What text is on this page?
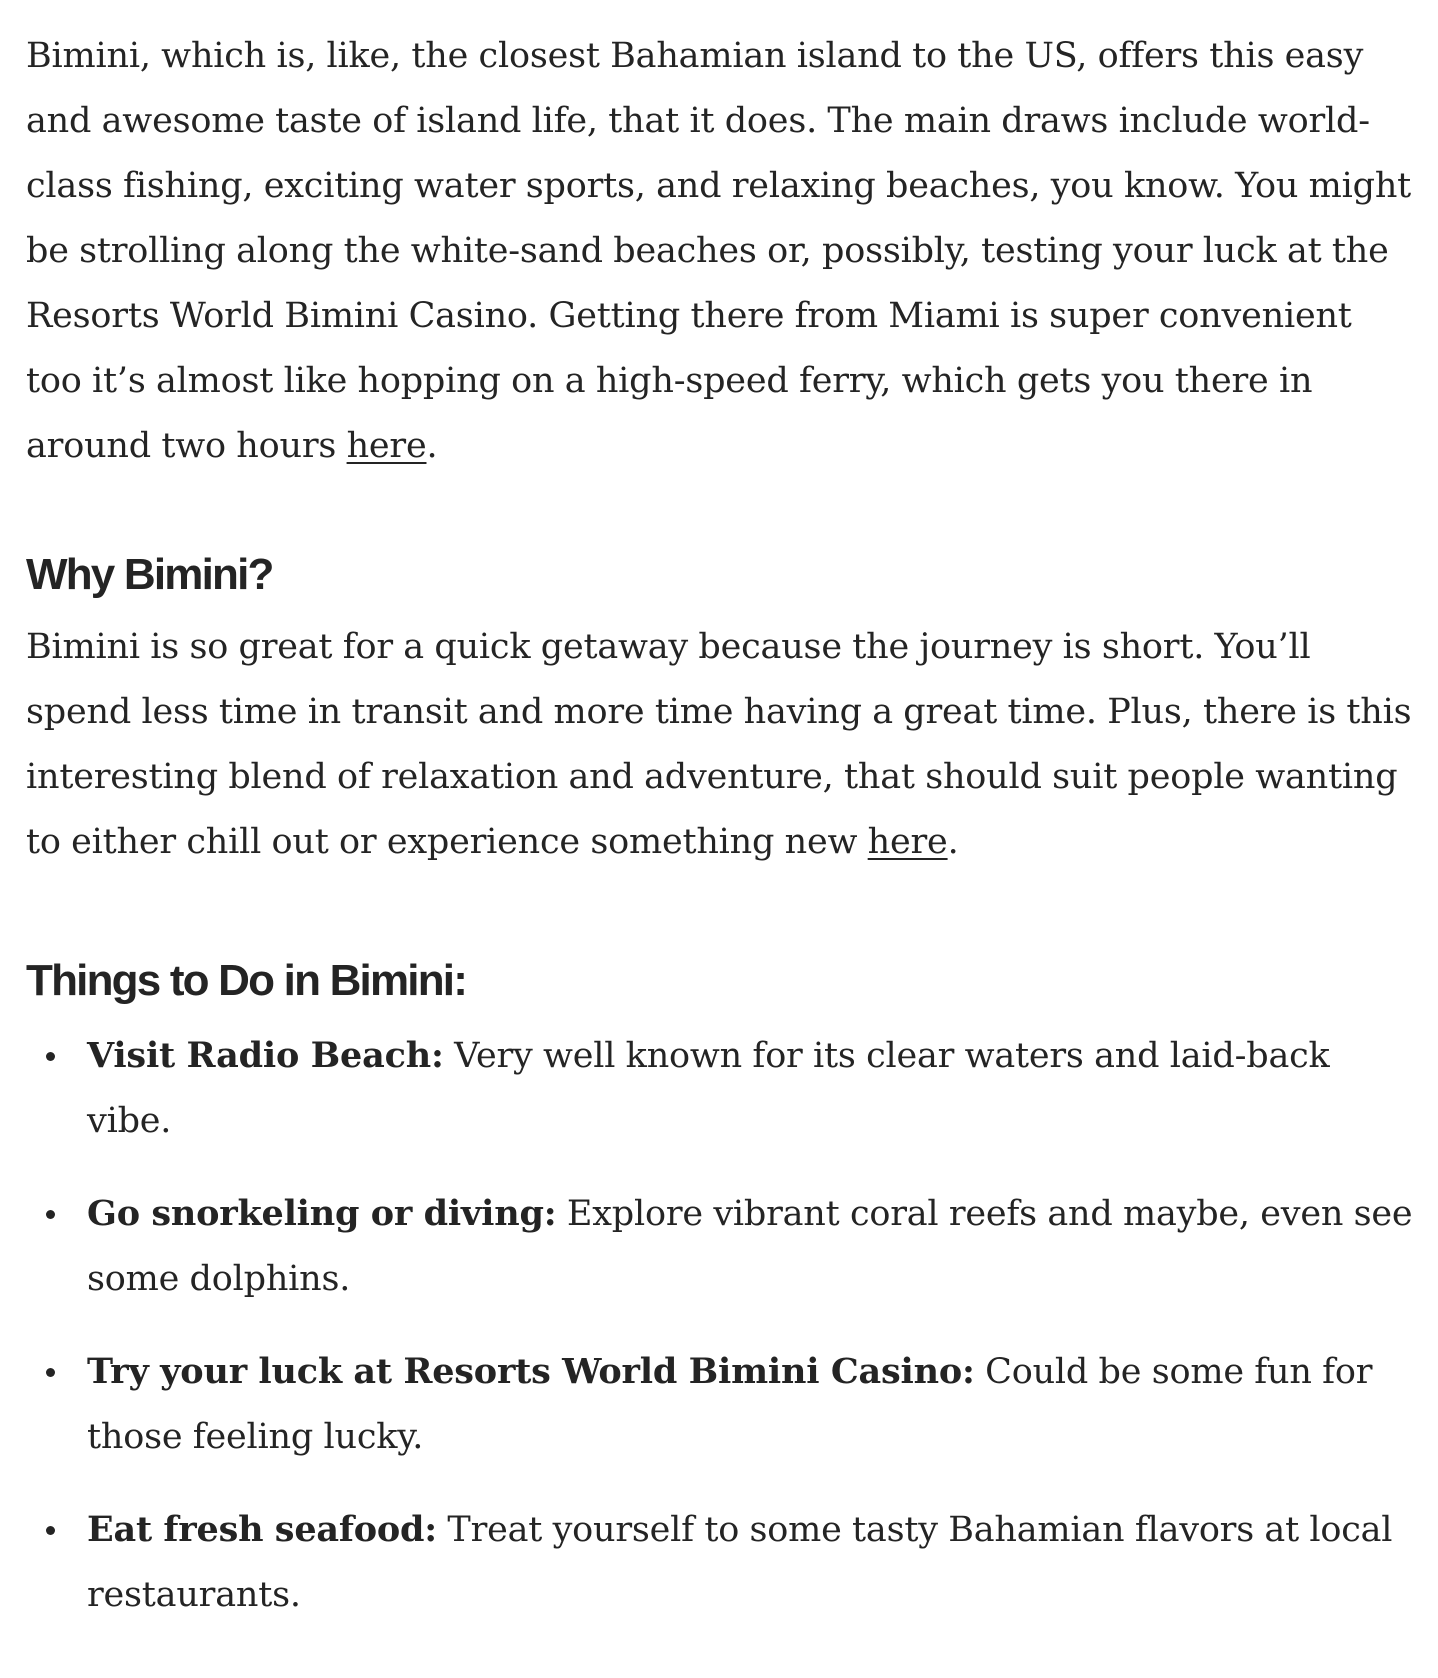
Bimini, which is, like, the closest Bahamian island to the US, offers this easy and awesome taste of island life, that it does. The main draws include world-class fishing, exciting water sports, and relaxing beaches, you know. You might be strolling along the white-sand beaches or, possibly, testing your luck at the Resorts World Bimini Casino. Getting there from Miami is super convenient too it’s almost like hopping on a high-speed ferry, which gets you there in around two hours here.

Why Bimini?

Bimini is so great for a quick getaway because the journey is short. You’ll spend less time in transit and more time having a great time. Plus, there is this interesting blend of relaxation and adventure, that should suit people wanting to either chill out or experience something new here.

Things to Do in Bimini:
Visit Radio Beach: Very well known for its clear waters and laid-back vibe.
Go snorkeling or diving: Explore vibrant coral reefs and maybe, even see some dolphins.
Try your luck at Resorts World Bimini Casino: Could be some fun for those feeling lucky.
Eat fresh seafood: Treat yourself to some tasty Bahamian flavors at local restaurants.
